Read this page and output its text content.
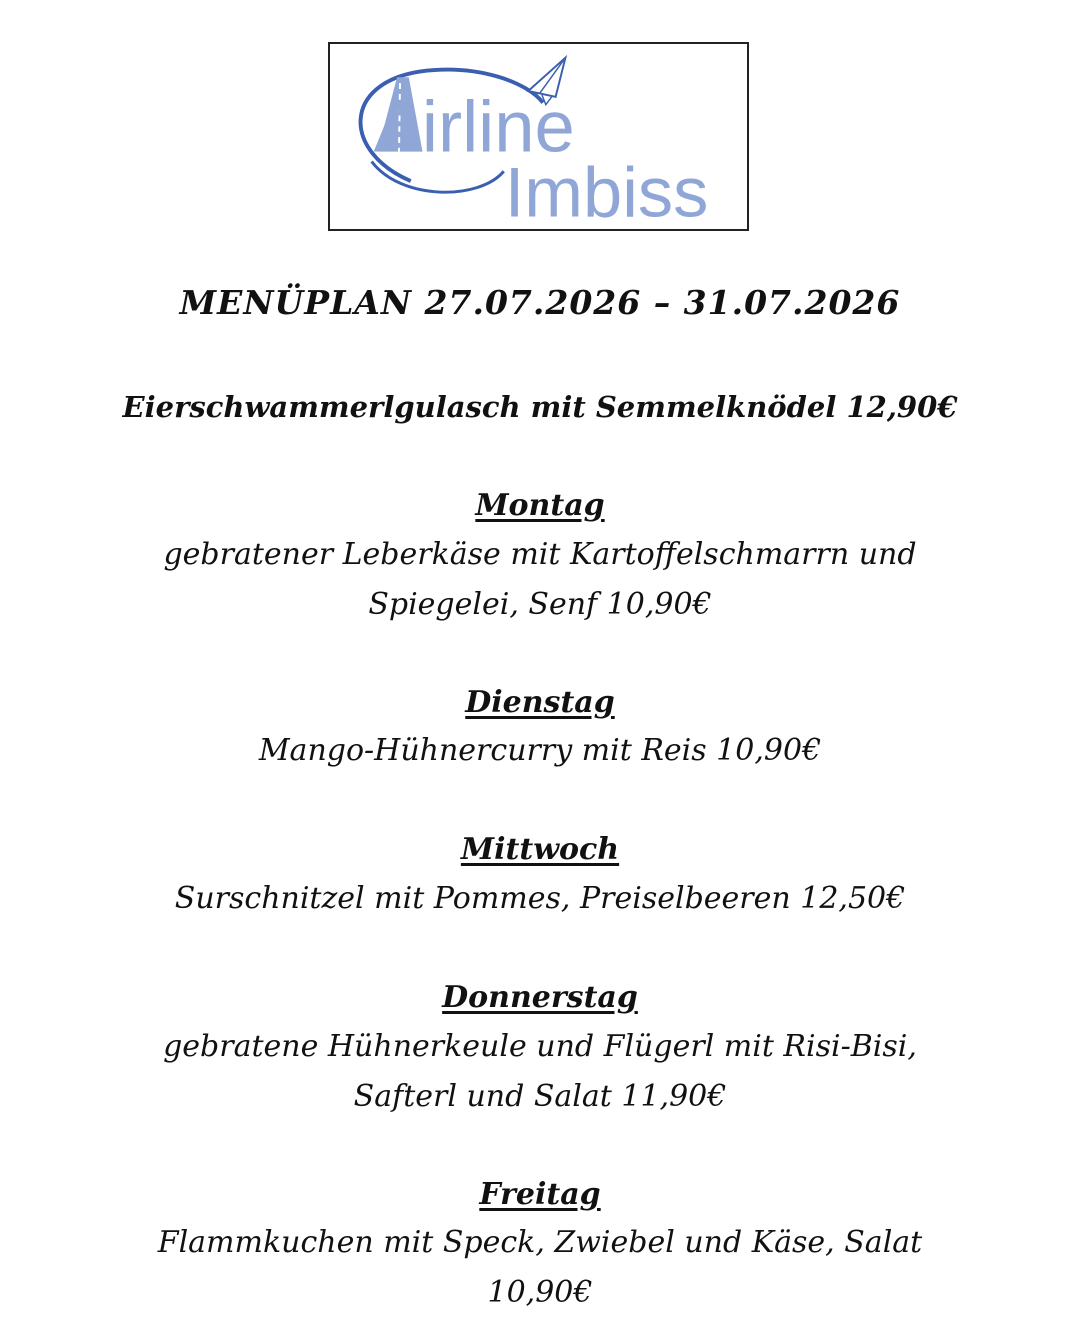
Airline
Imbiss
MENÜPLAN 27.07.2026 – 31.07.2026
Eierschwammerlgulasch mit Semmelknödel 12,90€
Montag
gebratener Leberkäse mit Kartoffelschmarrn und
Spiegelei, Senf 10,90€
Dienstag
Mango-Hühnercurry mit Reis 10,90€
Mittwoch
Surschnitzel mit Pommes, Preiselbeeren 12,50€
Donnerstag
gebratene Hühnerkeule und Flügerl mit Risi-Bisi,
Safterl und Salat 11,90€
Freitag
Flammkuchen mit Speck, Zwiebel und Käse, Salat
10,90€
